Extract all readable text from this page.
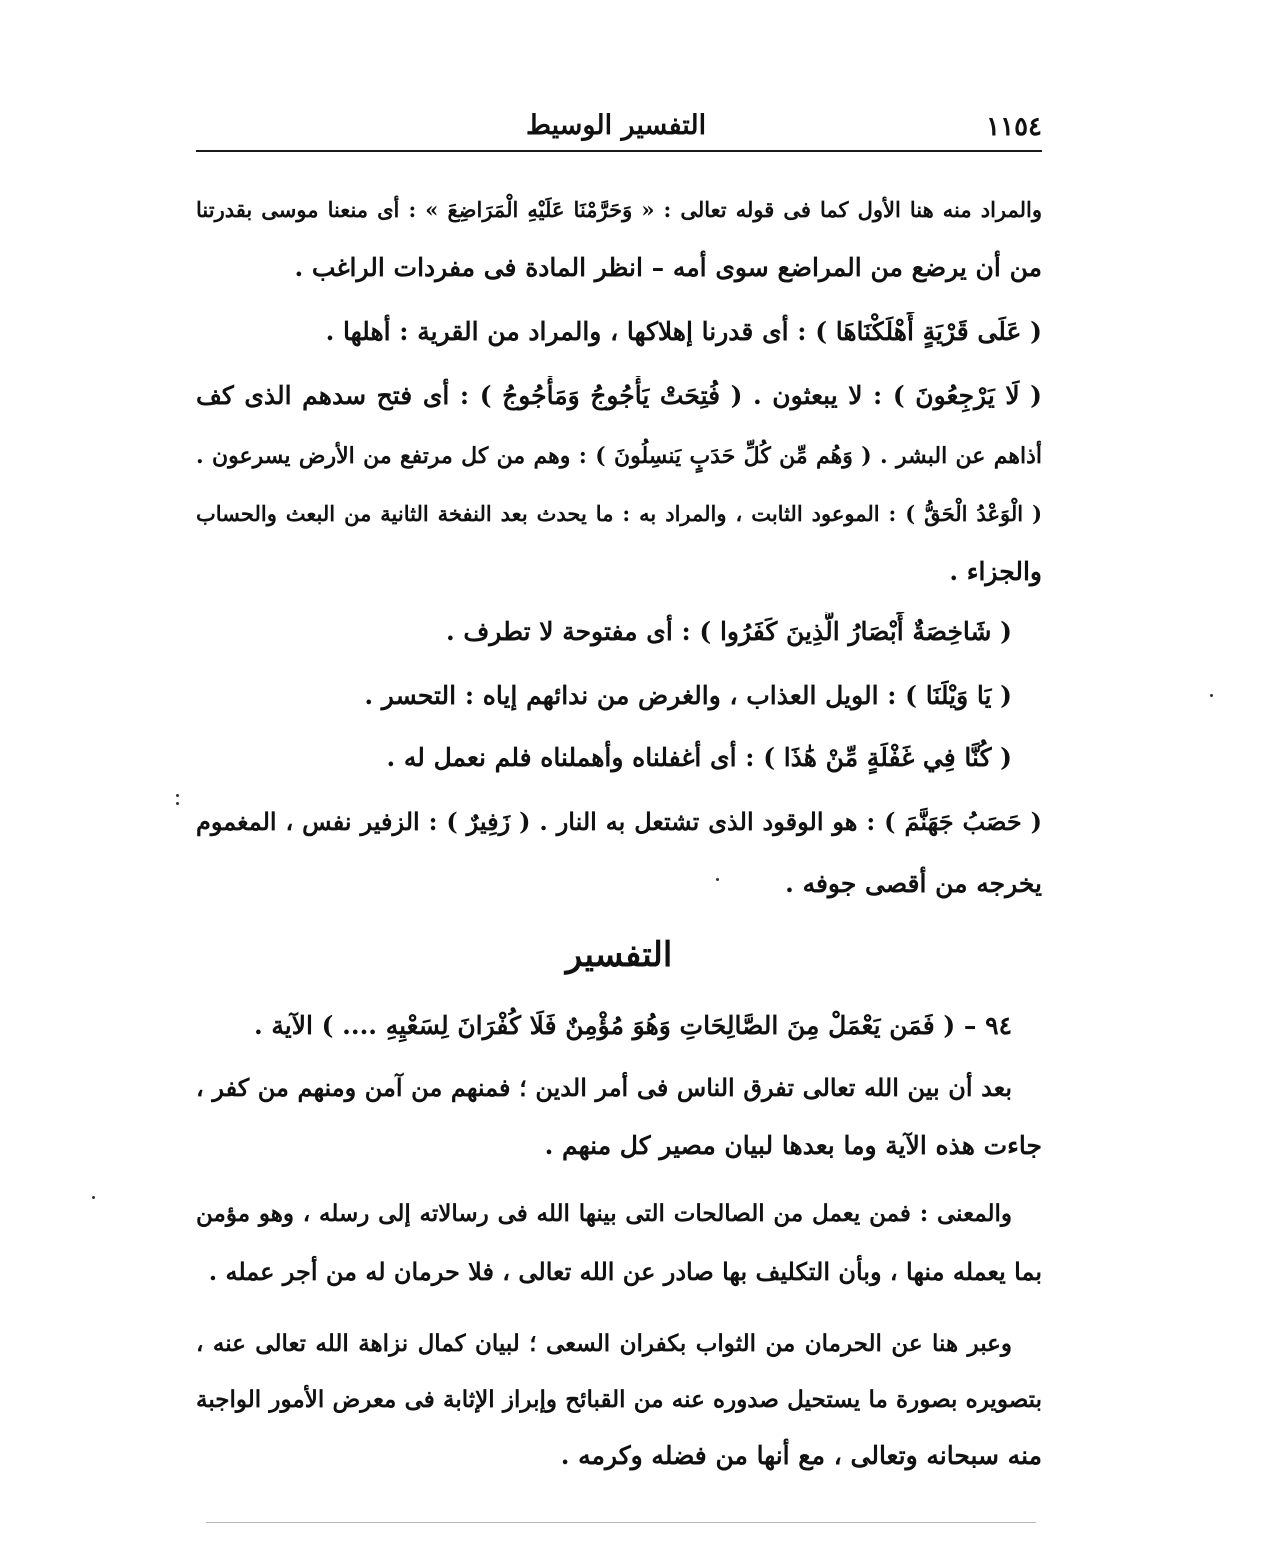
١١٥٤
التفسير الوسيط
والمراد منه هنا الأول كما فى قوله تعالى : « وَحَرَّمْنَا عَلَيْهِ الْمَرَاضِعَ » : أى منعنا موسى بقدرتنا
من أن يرضع من المراضع سوى أمه – انظر المادة فى مفردات الراغب .
( عَلَى قَرْيَةٍ أَهْلَكْنَاهَا ) : أى قدرنا إهلاكها ، والمراد من القرية : أهلها .
( لَا يَرْجِعُونَ ) : لا يبعثون . ( فُتِحَتْ يَأْجُوجُ وَمَأْجُوجُ ) : أى فتح سدهم الذى كف
أذاهم عن البشر . ( وَهُم مِّن كُلِّ حَدَبٍ يَنسِلُونَ ) : وهم من كل مرتفع من الأرض يسرعون .
( الْوَعْدُ الْحَقُّ ) : الموعود الثابت ، والمراد به : ما يحدث بعد النفخة الثانية من البعث والحساب
والجزاء .
( شَاخِصَةٌ أَبْصَارُ الَّذِينَ كَفَرُوا ) : أى مفتوحة لا تطرف .
( يَا وَيْلَنَا ) : الويل العذاب ، والغرض من ندائهم إياه : التحسر .
( كُنَّا فِي غَفْلَةٍ مِّنْ هَٰذَا ) : أى أغفلناه وأهملناه فلم نعمل له .
( حَصَبُ جَهَنَّمَ ) : هو الوقود الذى تشتعل به النار . ( زَفِيرٌ ) : الزفير نفس ، المغموم
يخرجه من أقصى جوفه .
التفسير
٩٤ – ( فَمَن يَعْمَلْ مِنَ الصَّالِحَاتِ وَهُوَ مُؤْمِنٌ فَلَا كُفْرَانَ لِسَعْيِهِ .... ) الآية .
بعد أن بين الله تعالى تفرق الناس فى أمر الدين ؛ فمنهم من آمن ومنهم من كفر ،
جاءت هذه الآية وما بعدها لبيان مصير كل منهم .
والمعنى : فمن يعمل من الصالحات التى بينها الله فى رسالاته إلى رسله ، وهو مؤمن
بما يعمله منها ، وبأن التكليف بها صادر عن الله تعالى ، فلا حرمان له من أجر عمله .
وعبر هنا عن الحرمان من الثواب بكفران السعى ؛ لبيان كمال نزاهة الله تعالى عنه ،
بتصويره بصورة ما يستحيل صدوره عنه من القبائح وإبراز الإثابة فى معرض الأمور الواجبة
منه سبحانه وتعالى ، مع أنها من فضله وكرمه .
